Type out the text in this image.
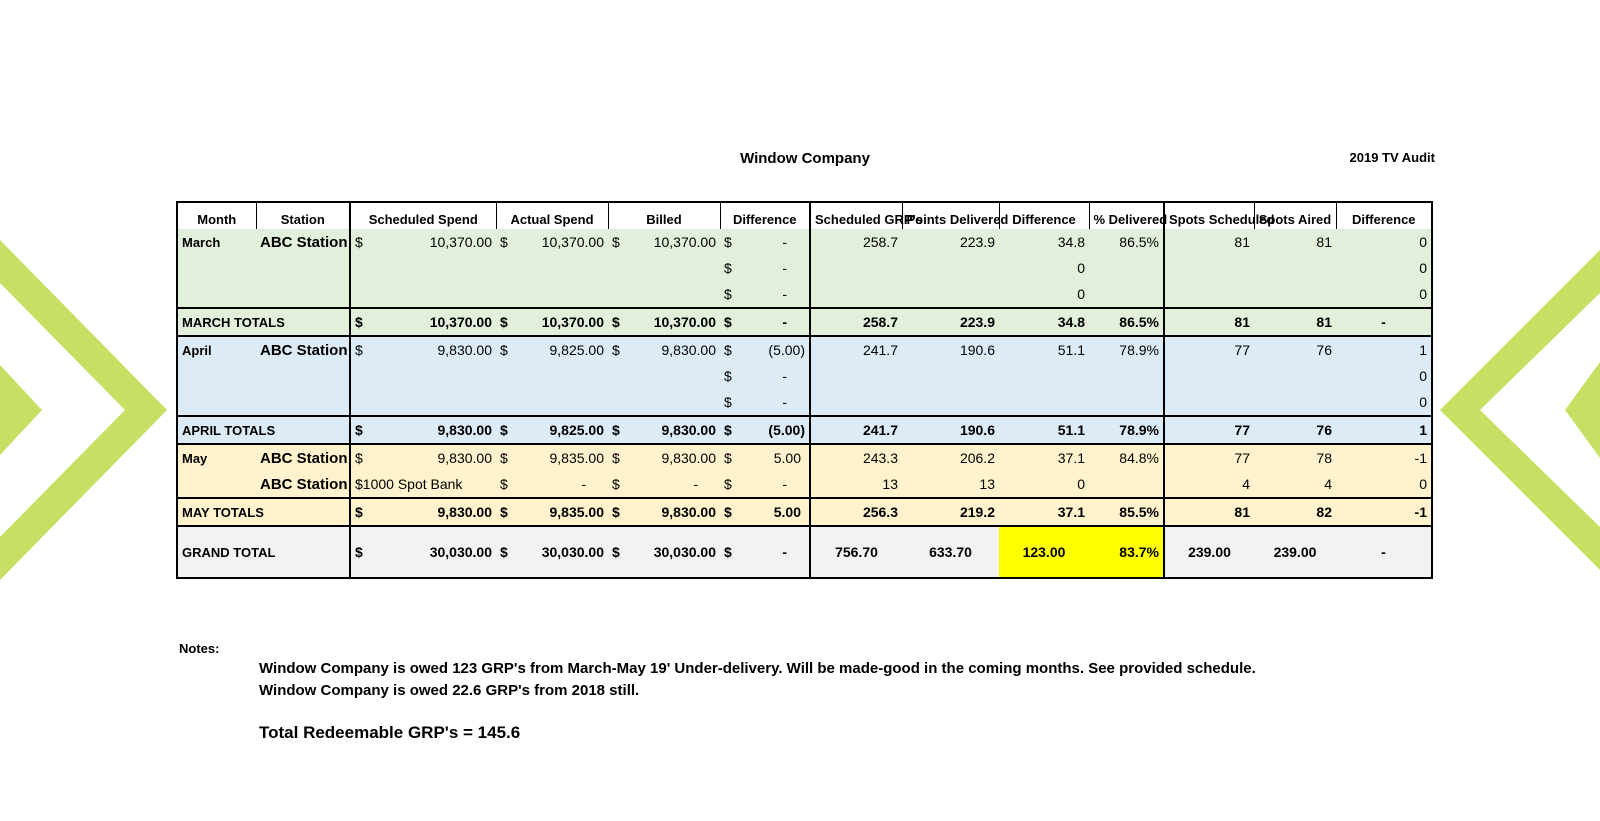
Window Company	2019 TV Audit
Month	Station	Scheduled Spend	Actual Spend	Billed	Difference	Scheduled GRP's	Points Delivered	Difference	% Delivered	Spots Scheduled	Spots Aired	Difference
March	ABC Station	$ 10,370.00	$ 10,370.00	$ 10,370.00	$ -	258.7	223.9	34.8	86.5%	81	81	0

					$ -			0				0

					$ -			0				0
MARCH TOTALS		$ 10,370.00	$ 10,370.00	$ 10,370.00	$ -	258.7	223.9	34.8	86.5%	81	81	-
April	ABC Station	$ 9,830.00	$ 9,825.00	$ 9,830.00	$ (5.00)	241.7	190.6	51.1	78.9%	77	76	1

					$ -							0

					$ -							0
APRIL TOTALS		$ 9,830.00	$ 9,825.00	$ 9,830.00	$ (5.00)	241.7	190.6	51.1	78.9%	77	76	1
May	ABC Station	$ 9,830.00	$ 9,835.00	$ 9,830.00	$ 5.00	243.3	206.2	37.1	84.8%	77	78	-1
	ABC Station	$1000 Spot Bank	$ -	$ -	$ -	13	13	0		4	4	0
MAY TOTALS		$ 9,830.00	$ 9,835.00	$ 9,830.00	$ 5.00	256.3	219.2	37.1	85.5%	81	82	-1
GRAND TOTAL		$ 30,030.00	$ 30,030.00	$ 30,030.00	$ -	756.70	633.70	123.00	83.7%	239.00	239.00	-
Notes:
Window Company is owed 123 GRP's from March-May 19' Under-delivery. Will be made-good in the coming months. See provided schedule.
Window Company is owed 22.6 GRP's from 2018 still.
Total Redeemable GRP's = 145.6
